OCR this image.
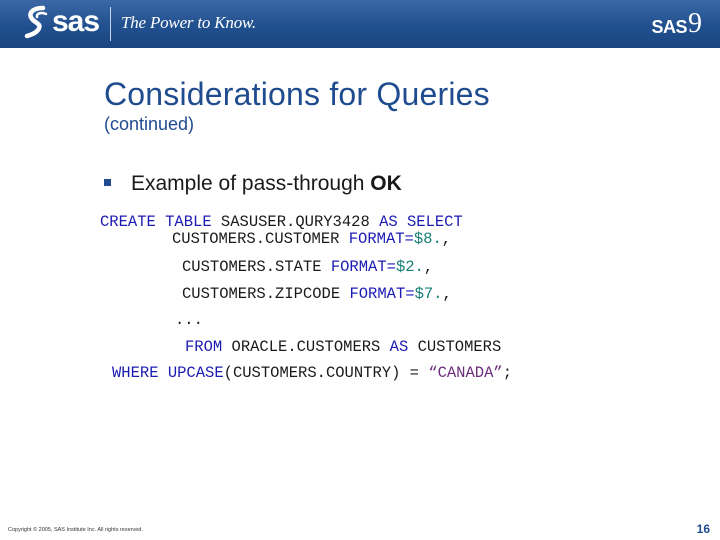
sas The Power to Know.	SAS 9
Considerations for Queries
(continued)
Example of pass-through OK

CREATE TABLE SASUSER.QURY3428 AS SELECT

CUSTOMERS.CUSTOMER FORMAT=$8.,

CUSTOMERS.STATE FORMAT=$2.,

CUSTOMERS.ZIPCODE FORMAT=$7.,

...

FROM ORACLE.CUSTOMERS AS CUSTOMERS

WHERE UPCASE(CUSTOMERS.COUNTRY) = “CANADA”;

Copyright © 2005, SAS Institute Inc. All rights reserved.	16
